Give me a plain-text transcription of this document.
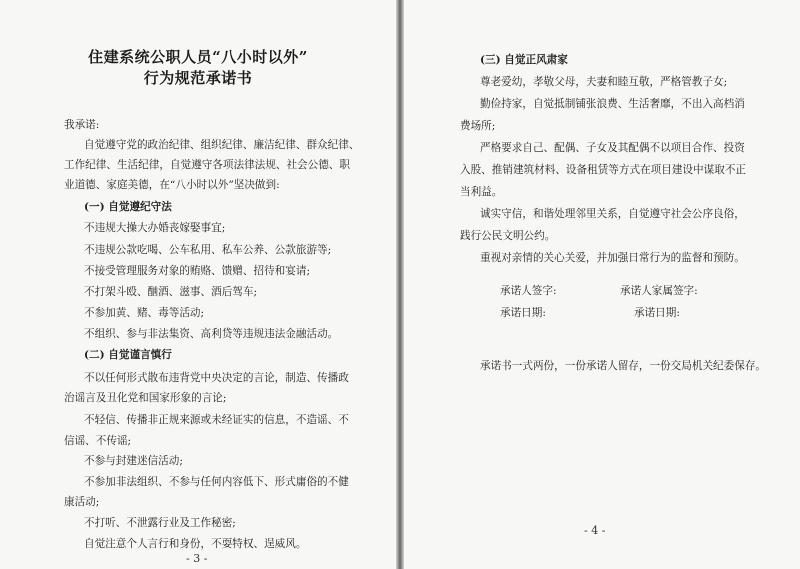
住建系统公职人员“八小时以外”
行为规范承诺书
我承诺:
自觉遵守党的政治纪律、组织纪律、廉洁纪律、群众纪律、
工作纪律、生活纪律，自觉遵守各项法律法规、社会公德、职
业道德、家庭美德，在“八小时以外”坚决做到:
(一) 自觉遵纪守法
不违规大操大办婚丧嫁娶事宜;
不违规公款吃喝、公车私用、私车公养、公款旅游等;
不接受管理服务对象的贿赂、馈赠、招待和宴请;
不打架斗殴、酗酒、滋事、酒后驾车;
不参加黄、赌、毒等活动;
不组织、参与非法集资、高利贷等违规违法金融活动。
(二) 自觉谨言慎行
不以任何形式散布违背党中央决定的言论，制造、传播政
治谣言及丑化党和国家形象的言论;
不轻信、传播非正规来源或未经证实的信息，不造谣、不
信谣、不传谣;
不参与封建迷信活动;
不参加非法组织、不参与任何内容低下、形式庸俗的不健
康活动;
不打听、不泄露行业及工作秘密;
自觉注意个人言行和身份，不耍特权、逞威风。
- 3 -
(三) 自觉正风肃家
尊老爱幼，孝敬父母，夫妻和睦互敬，严格管教子女;
勤俭持家，自觉抵制铺张浪费、生活奢靡，不出入高档消
费场所;
严格要求自己、配偶、子女及其配偶不以项目合作、投资
入股、推销建筑材料、设备租赁等方式在项目建设中谋取不正
当利益。
诚实守信，和谐处理邻里关系，自觉遵守社会公序良俗，
践行公民文明公约。
重视对亲情的关心关爱，并加强日常行为的监督和预防。
承诺人签字:	承诺人家属签字:
承诺日期:	承诺日期:
承诺书一式两份，一份承诺人留存，一份交局机关纪委保存。
- 4 -
